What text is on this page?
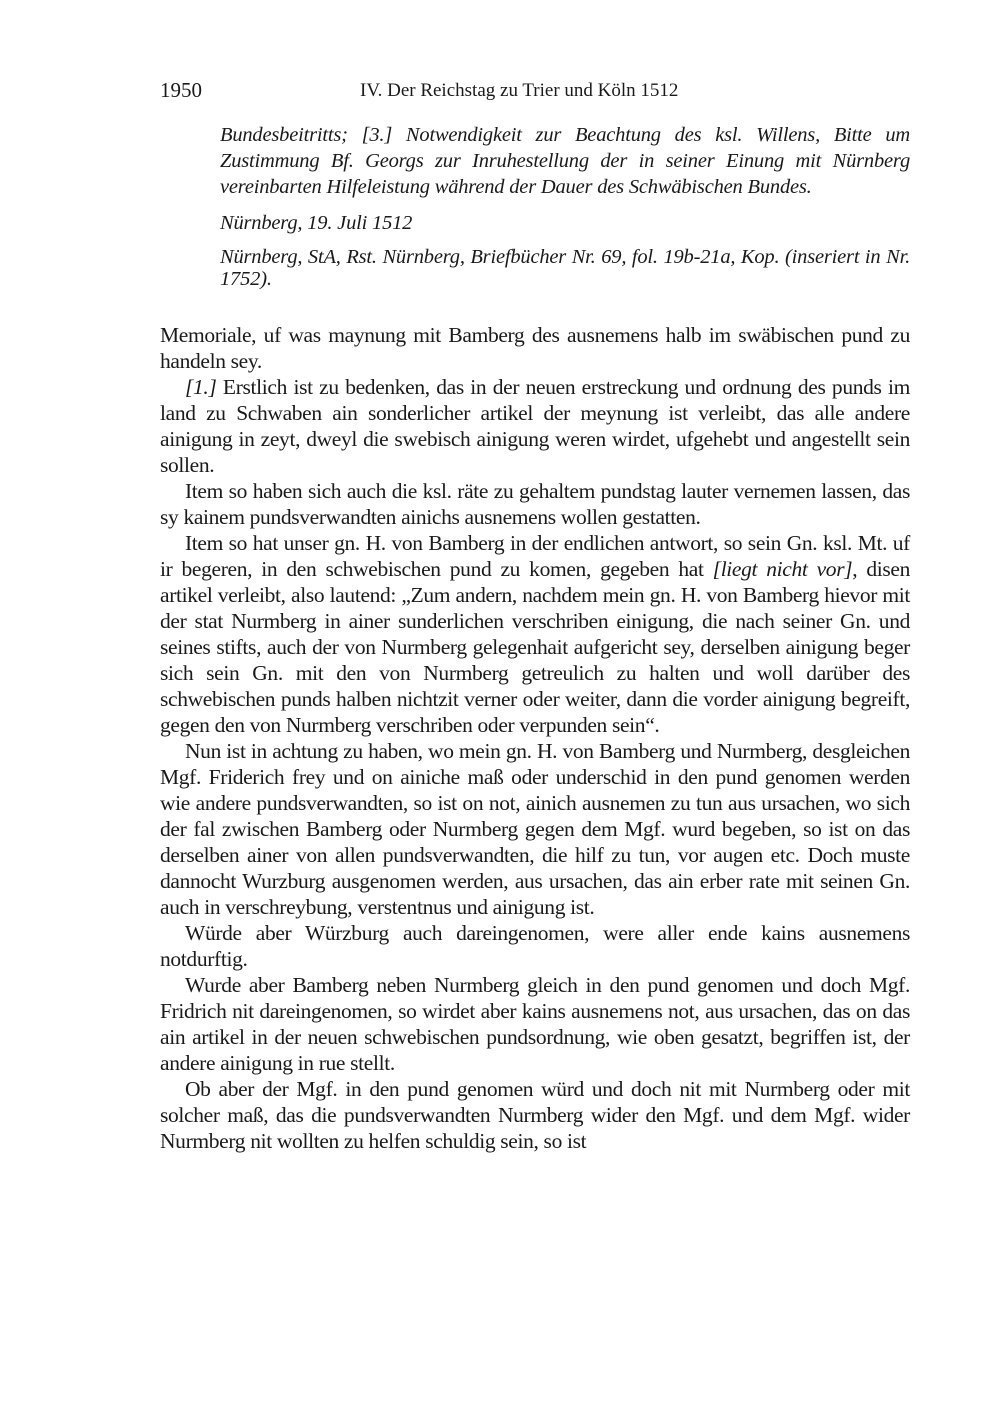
1950	IV. Der Reichstag zu Trier und Köln 1512

Bundesbeitritts; [3.] Notwendigkeit zur Beachtung des ksl. Willens, Bitte um Zustimmung Bf. Georgs zur Inruhestellung der in seiner Einung mit Nürnberg vereinbarten Hilfeleistung während der Dauer des Schwäbischen Bundes.

Nürnberg, 19. Juli 1512

Nürnberg, StA, Rst. Nürnberg, Briefbücher Nr. 69, fol. 19b-21a, Kop. (inseriert in Nr. 1752).

Memoriale, uf was maynung mit Bamberg des ausnemens halb im swäbischen pund zu handeln sey.

[1.] Erstlich ist zu bedenken, das in der neuen erstreckung und ordnung des punds im land zu Schwaben ain sonderlicher artikel der meynung ist verleibt, das alle andere ainigung in zeyt, dweyl die swebisch ainigung weren wirdet, ufgehebt und angestellt sein sollen.

Item so haben sich auch die ksl. räte zu gehaltem pundstag lauter vernemen lassen, das sy kainem pundsverwandten ainichs ausnemens wollen gestatten.

Item so hat unser gn. H. von Bamberg in der endlichen antwort, so sein Gn. ksl. Mt. uf ir begeren, in den schwebischen pund zu komen, gegeben hat [liegt nicht vor], disen artikel verleibt, also lautend: „Zum andern, nachdem mein gn. H. von Bamberg hievor mit der stat Nurmberg in ainer sunderlichen verschriben einigung, die nach seiner Gn. und seines stifts, auch der von Nurmberg gelegenhait aufgericht sey, derselben ainigung beger sich sein Gn. mit den von Nurmberg getreulich zu halten und woll darüber des schwebischen punds halben nichtzit verner oder weiter, dann die vorder ainigung begreift, gegen den von Nurmberg verschriben oder verpunden sein“.

Nun ist in achtung zu haben, wo mein gn. H. von Bamberg und Nurmberg, desgleichen Mgf. Friderich frey und on ainiche maß oder underschid in den pund genomen werden wie andere pundsverwandten, so ist on not, ainich ausnemen zu tun aus ursachen, wo sich der fal zwischen Bamberg oder Nurmberg gegen dem Mgf. wurd begeben, so ist on das derselben ainer von allen pundsverwandten, die hilf zu tun, vor augen etc. Doch muste dannocht Wurzburg ausgenomen werden, aus ursachen, das ain erber rate mit seinen Gn. auch in verschreybung, verstentnus und ainigung ist.

Würde aber Würzburg auch dareingenomen, were aller ende kains ausnemens notdurftig.

Wurde aber Bamberg neben Nurmberg gleich in den pund genomen und doch Mgf. Fridrich nit dareingenomen, so wirdet aber kains ausnemens not, aus ursachen, das on das ain artikel in der neuen schwebischen pundsordnung, wie oben gesatzt, begriffen ist, der andere ainigung in rue stellt.

Ob aber der Mgf. in den pund genomen würd und doch nit mit Nurmberg oder mit solcher maß, das die pundsverwandten Nurmberg wider den Mgf. und dem Mgf. wider Nurmberg nit wollten zu helfen schuldig sein, so ist
